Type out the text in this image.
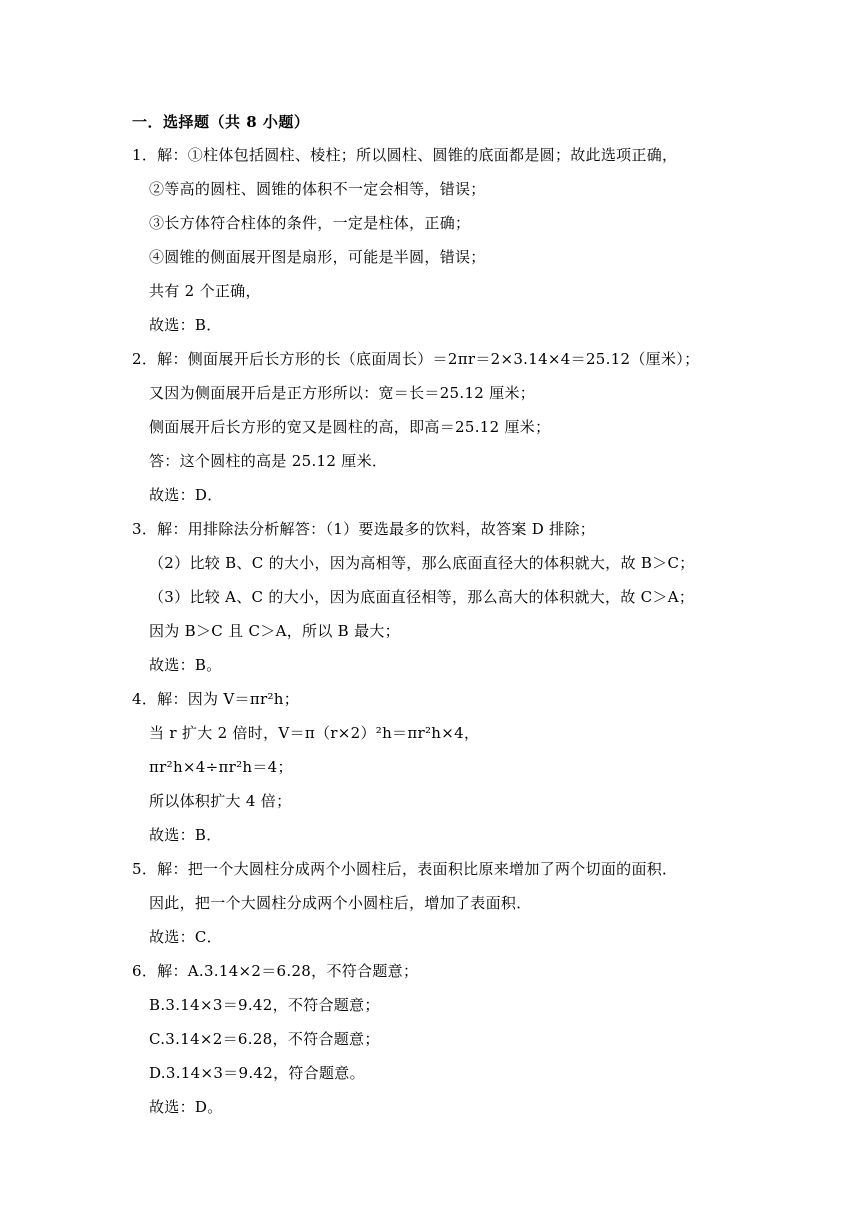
一．选择题（共 8 小题）
1．解：①柱体包括圆柱、棱柱；所以圆柱、圆锥的底面都是圆；故此选项正确，
②等高的圆柱、圆锥的体积不一定会相等，错误；
③长方体符合柱体的条件，一定是柱体，正确；
④圆锥的侧面展开图是扇形，可能是半圆，错误；
共有 2 个正确，
故选：B．
2．解：侧面展开后长方形的长（底面周长）＝2πr＝2×3.14×4＝25.12（厘米）；
又因为侧面展开后是正方形所以：宽＝长＝25.12 厘米；
侧面展开后长方形的宽又是圆柱的高，即高＝25.12 厘米；
答：这个圆柱的高是 25.12 厘米．
故选：D．
3．解：用排除法分析解答：（1）要选最多的饮料，故答案 D 排除；
（2）比较 B、C 的大小，因为高相等，那么底面直径大的体积就大，故 B＞C；
（3）比较 A、C 的大小，因为底面直径相等，那么高大的体积就大，故 C＞A；
因为 B＞C 且 C＞A，所以 B 最大；
故选：B。
4．解：因为 V＝πr²h；
当 r 扩大 2 倍时，V＝π（r×2）²h＝πr²h×4，
πr²h×4÷πr²h＝4；
所以体积扩大 4 倍；
故选：B．
5．解：把一个大圆柱分成两个小圆柱后，表面积比原来增加了两个切面的面积．
因此，把一个大圆柱分成两个小圆柱后，增加了表面积．
故选：C．
6．解：A.3.14×2＝6.28，不符合题意；
B.3.14×3＝9.42，不符合题意；
C.3.14×2＝6.28，不符合题意；
D.3.14×3＝9.42，符合题意。
故选：D。
